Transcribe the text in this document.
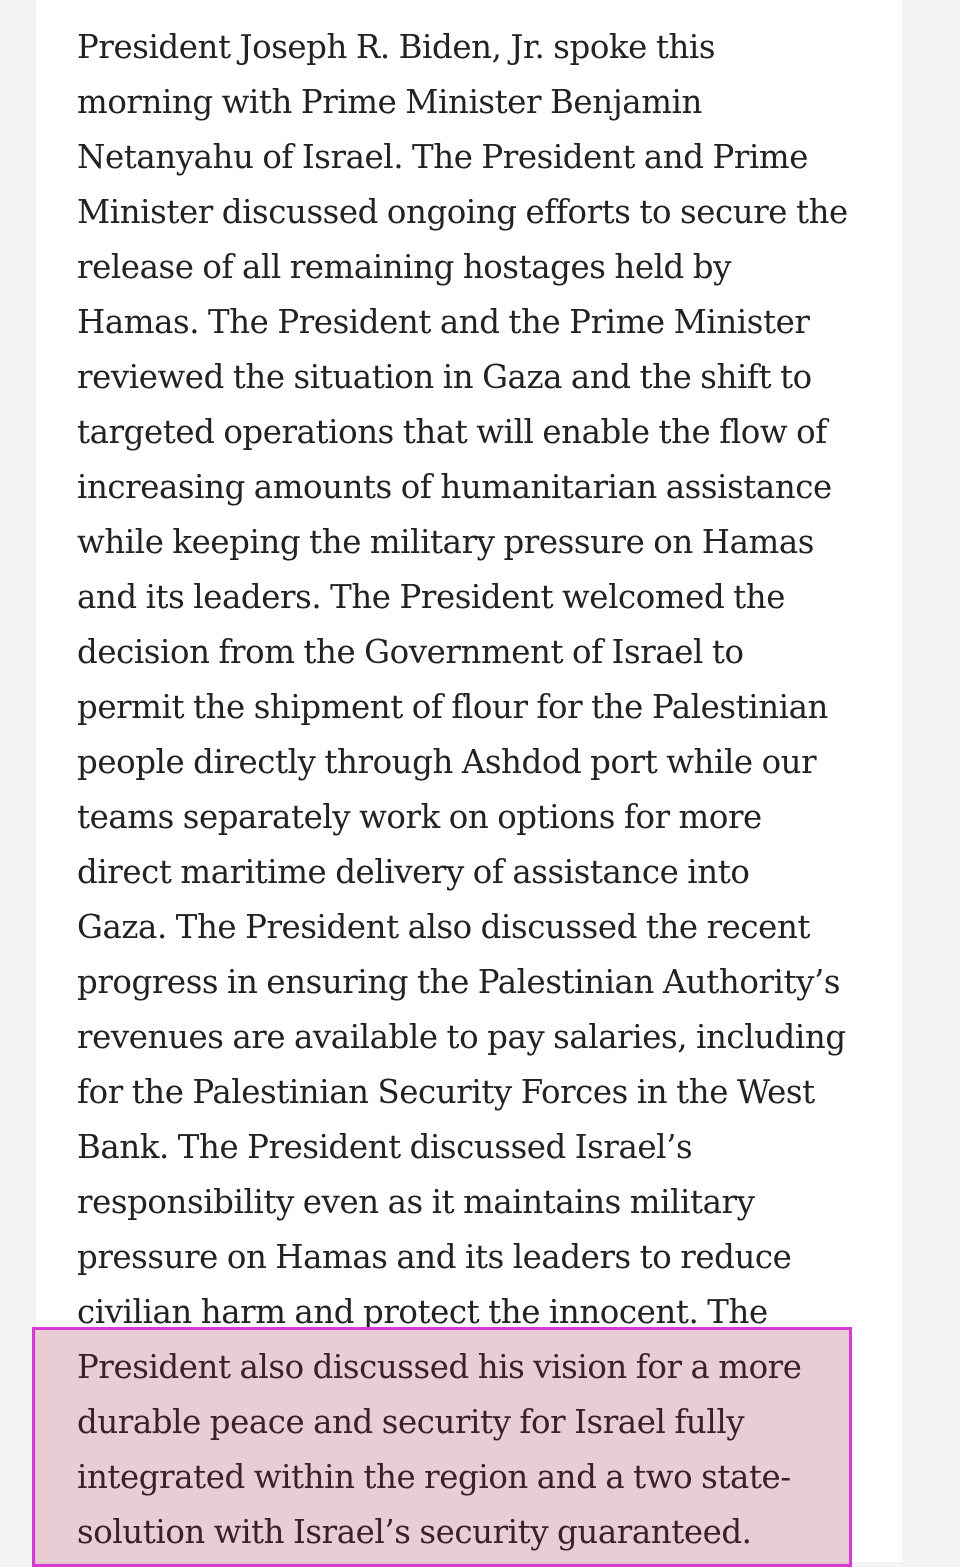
President Joseph R. Biden, Jr. spoke this
morning with Prime Minister Benjamin
Netanyahu of Israel. The President and Prime
Minister discussed ongoing efforts to secure the
release of all remaining hostages held by
Hamas. The President and the Prime Minister
reviewed the situation in Gaza and the shift to
targeted operations that will enable the flow of
increasing amounts of humanitarian assistance
while keeping the military pressure on Hamas
and its leaders. The President welcomed the
decision from the Government of Israel to
permit the shipment of flour for the Palestinian
people directly through Ashdod port while our
teams separately work on options for more
direct maritime delivery of assistance into
Gaza. The President also discussed the recent
progress in ensuring the Palestinian Authority’s
revenues are available to pay salaries, including
for the Palestinian Security Forces in the West
Bank. The President discussed Israel’s
responsibility even as it maintains military
pressure on Hamas and its leaders to reduce
civilian harm and protect the innocent. The
President also discussed his vision for a more
durable peace and security for Israel fully
integrated within the region and a two state-
solution with Israel’s security guaranteed.
